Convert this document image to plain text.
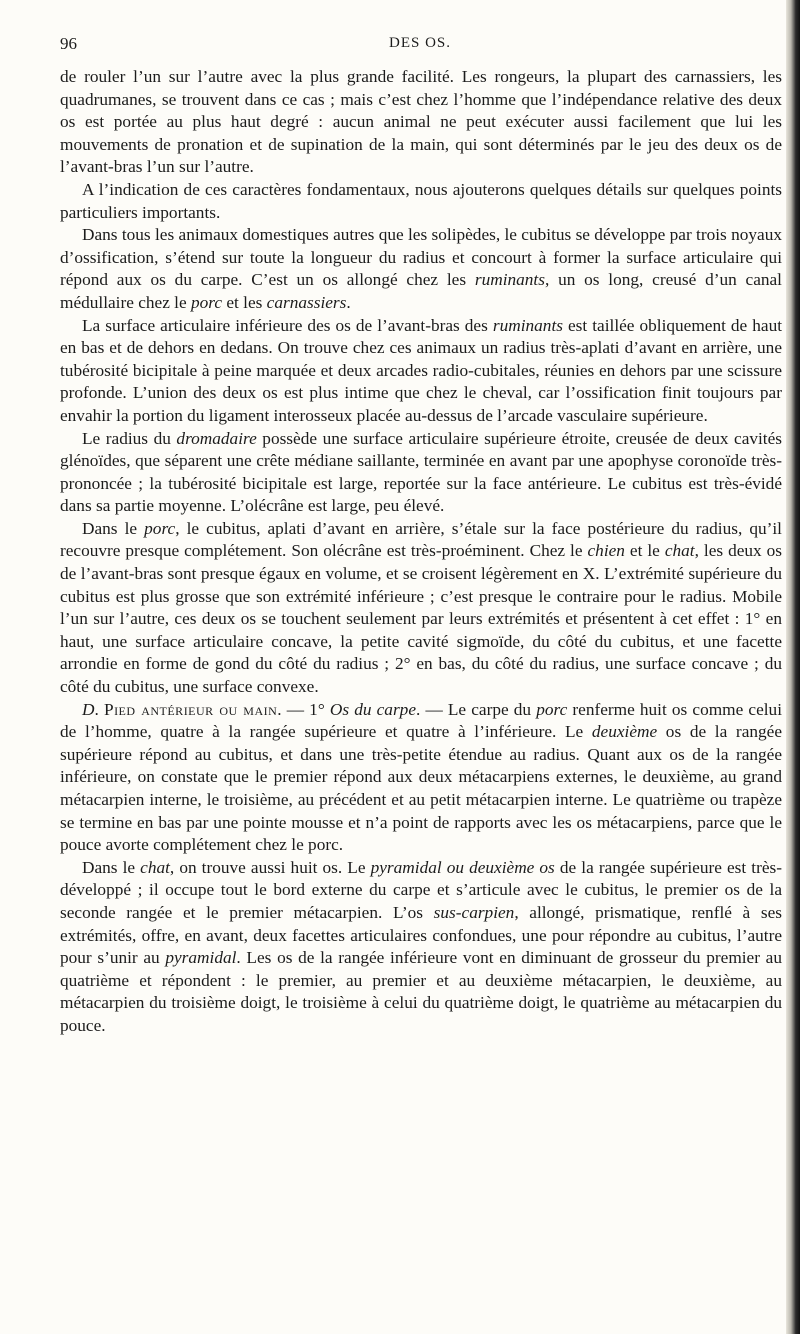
96	DES OS.

de rouler l’un sur l’autre avec la plus grande facilité. Les rongeurs, la plupart des carnassiers, les quadrumanes, se trouvent dans ce cas ; mais c’est chez l’homme que l’indépendance relative des deux os est portée au plus haut degré : aucun animal ne peut exécuter aussi facilement que lui les mouvements de pronation et de supination de la main, qui sont déterminés par le jeu des deux os de l’avant-bras l’un sur l’autre.

A l’indication de ces caractères fondamentaux, nous ajouterons quelques détails sur quelques points particuliers importants.

Dans tous les animaux domestiques autres que les solipèdes, le cubitus se développe par trois noyaux d’ossification, s’étend sur toute la longueur du radius et concourt à former la surface articulaire qui répond aux os du carpe. C’est un os allongé chez les ruminants, un os long, creusé d’un canal médullaire chez le porc et les carnassiers.

La surface articulaire inférieure des os de l’avant-bras des ruminants est taillée obliquement de haut en bas et de dehors en dedans. On trouve chez ces animaux un radius très-aplati d’avant en arrière, une tubérosité bicipitale à peine marquée et deux arcades radio-cubitales, réunies en dehors par une scissure profonde. L’union des deux os est plus intime que chez le cheval, car l’ossification finit toujours par envahir la portion du ligament interosseux placée au-dessus de l’arcade vasculaire supérieure.

Le radius du dromadaire possède une surface articulaire supérieure étroite, creusée de deux cavités glénoïdes, que séparent une crête médiane saillante, terminée en avant par une apophyse coronoïde très-prononcée ; la tubérosité bicipitale est large, reportée sur la face antérieure. Le cubitus est très-évidé dans sa partie moyenne. L’olécrâne est large, peu élevé.

Dans le porc, le cubitus, aplati d’avant en arrière, s’étale sur la face postérieure du radius, qu’il recouvre presque complétement. Son olécrâne est très-proéminent. Chez le chien et le chat, les deux os de l’avant-bras sont presque égaux en volume, et se croisent légèrement en X. L’extrémité supérieure du cubitus est plus grosse que son extrémité inférieure ; c’est presque le contraire pour le radius. Mobile l’un sur l’autre, ces deux os se touchent seulement par leurs extrémités et présentent à cet effet : 1° en haut, une surface articulaire concave, la petite cavité sigmoïde, du côté du cubitus, et une facette arrondie en forme de gond du côté du radius ; 2° en bas, du côté du radius, une surface concave ; du côté du cubitus, une surface convexe.

D. Pied antérieur ou main. — 1° Os du carpe. — Le carpe du porc renferme huit os comme celui de l’homme, quatre à la rangée supérieure et quatre à l’inférieure. Le deuxième os de la rangée supérieure répond au cubitus, et dans une très-petite étendue au radius. Quant aux os de la rangée inférieure, on constate que le premier répond aux deux métacarpiens externes, le deuxième, au grand métacarpien interne, le troisième, au précédent et au petit métacarpien interne. Le quatrième ou trapèze se termine en bas par une pointe mousse et n’a point de rapports avec les os métacarpiens, parce que le pouce avorte complétement chez le porc.

Dans le chat, on trouve aussi huit os. Le pyramidal ou deuxième os de la rangée supérieure est très-développé ; il occupe tout le bord externe du carpe et s’articule avec le cubitus, le premier os de la seconde rangée et le premier métacarpien. L’os sus-carpien, allongé, prismatique, renflé à ses extrémités, offre, en avant, deux facettes articulaires confondues, une pour répondre au cubitus, l’autre pour s’unir au pyramidal. Les os de la rangée inférieure vont en diminuant de grosseur du premier au quatrième et répondent : le premier, au premier et au deuxième métacarpien, le deuxième, au métacarpien du troisième doigt, le troisième à celui du quatrième doigt, le quatrième au métacarpien du pouce.
